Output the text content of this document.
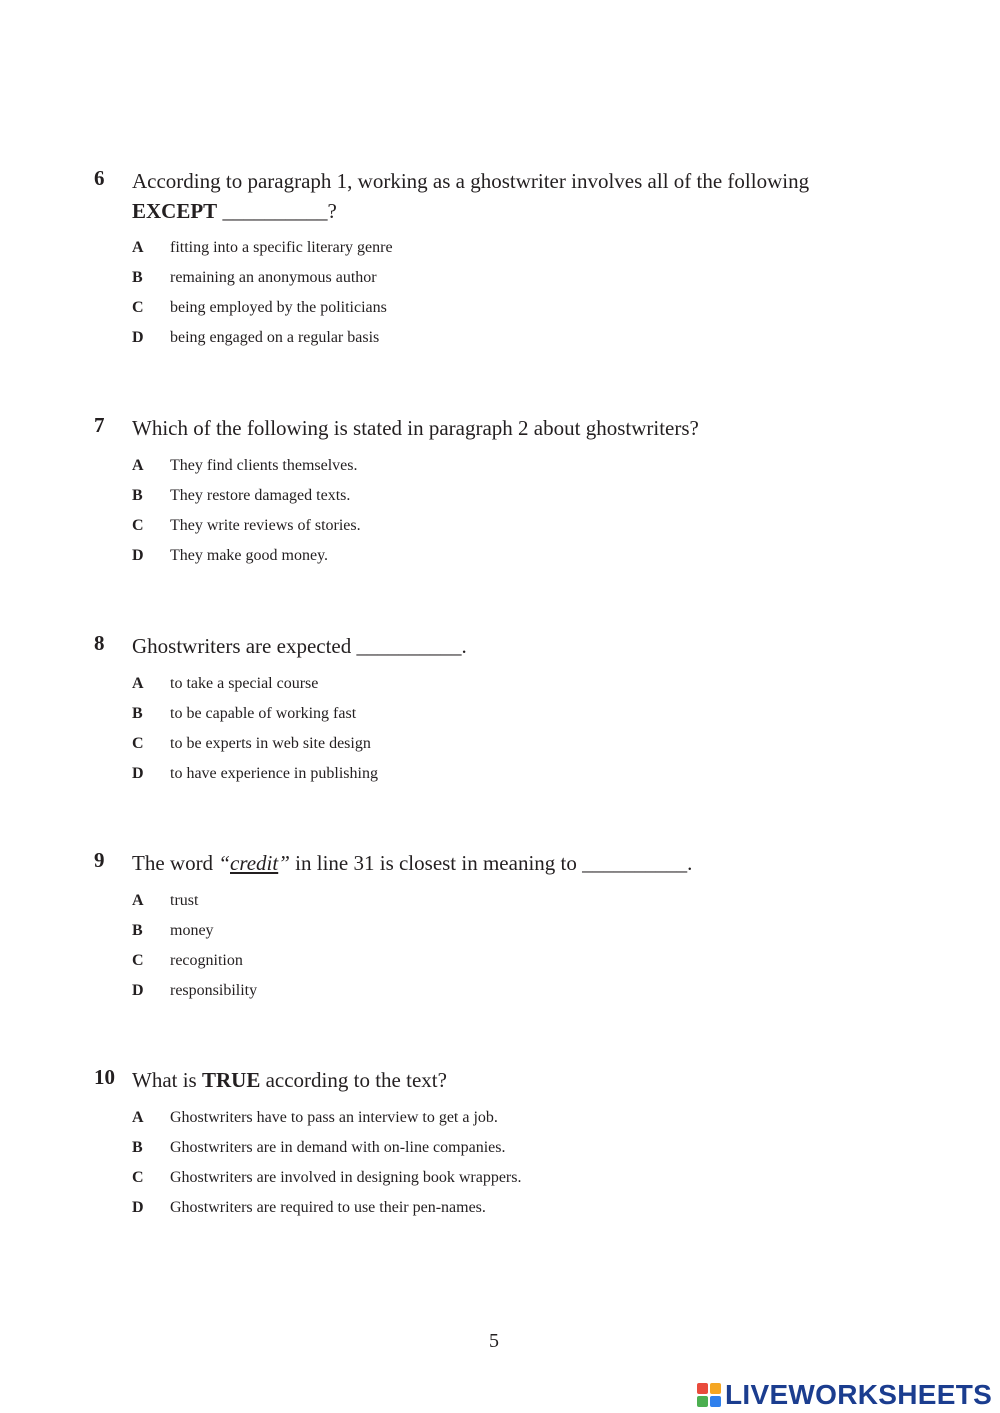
6 According to paragraph 1, working as a ghostwriter involves all of the following
EXCEPT __________?
A fitting into a specific literary genre
B remaining an anonymous author
C being employed by the politicians
D being engaged on a regular basis
7 Which of the following is stated in paragraph 2 about ghostwriters?
A They find clients themselves.
B They restore damaged texts.
C They write reviews of stories.
D They make good money.
8 Ghostwriters are expected __________.
A to take a special course
B to be capable of working fast
C to be experts in web site design
D to have experience in publishing
9 The word “credit” in line 31 is closest in meaning to __________.
A trust
B money
C recognition
D responsibility
10 What is TRUE according to the text?
A Ghostwriters have to pass an interview to get a job.
B Ghostwriters are in demand with on-line companies.
C Ghostwriters are involved in designing book wrappers.
D Ghostwriters are required to use their pen-names.
5
LIVEWORKSHEETS
